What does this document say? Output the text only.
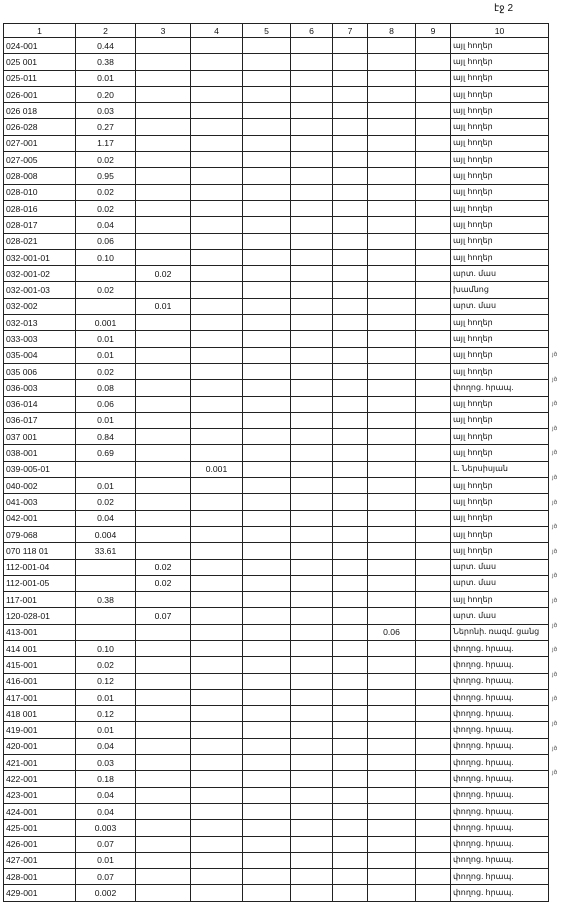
էջ 2
1	2	3	4	5	6	7	8	9	10
024-001	0.44								այլ հողեր
025 001	0.38								այլ հողեր
025-011	0.01								այլ հողեր
026-001	0.20								այլ հողեր
026 018	0.03								այլ հողեր
026-028	0.27								այլ հողեր
027-001	1.17								այլ հողեր
027-005	0.02								այլ հողեր
028-008	0.95								այլ հողեր
028-010	0.02								այլ հողեր
028-016	0.02								այլ հողեր
028-017	0.04								այլ հողեր
028-021	0.06								այլ հողեր
032-001-01	0.10								այլ հողեր
032-001-02		0.02							արտ. մաս
032-001-03	0.02								խամնոց
032-002		0.01							արտ. մաս
032-013	0.001								այլ հողեր
033-003	0.01								այլ հողեր
035-004	0.01								այլ հողեր
035 006	0.02								այլ հողեր
036-003	0.08								փողոց. հրապ.
036-014	0.06								այլ հողեր
036-017	0.01								այլ հողեր
037 001	0.84								այլ հողեր
038-001	0.69								այլ հողեր
039-005-01			0.001						Լ. Ներսիսյան
040-002	0.01								այլ հողեր
041-003	0.02								այլ հողեր
042-001	0.04								այլ հողեր
079-068	0.004								այլ հողեր
070 118 01	33.61								այլ հողեր
112-001-04		0.02							արտ. մաս
112-001-05		0.02							արտ. մաս
117-001	0.38								այլ հողեր
120-028-01		0.07							արտ. մաս
413-001							0.06		Ներոնի. ռազմ. ցանց
414 001	0.10								փողոց. հրապ.
415-001	0.02								փողոց. հրապ.
416-001	0.12								փողոց. հրապ.
417-001	0.01								փողոց. հրապ.
418 001	0.12								փողոց. հրապ.
419-001	0.01								փողոց. հրապ.
420-001	0.04								փողոց. հրապ.
421-001	0.03								փողոց. հրապ.
422-001	0.18								փողոց. հրապ.
423-001	0.04								փողոց. հրապ.
424-001	0.04								փողոց. հրապ.
425-001	0.003								փողոց. հրապ.
426-001	0.07								փողոց. հրապ.
427-001	0.01								փողոց. հրապ.
428-001	0.07								փողոց. հրապ.
429-001	0.002								փողոց. հրապ.
յծ
յծ
յծ
յծ
յծ
յծ
յծ
յծ
յծ
յծ
յծ
յծ
յծ
յծ
յծ
յծ
յծ
յծ
